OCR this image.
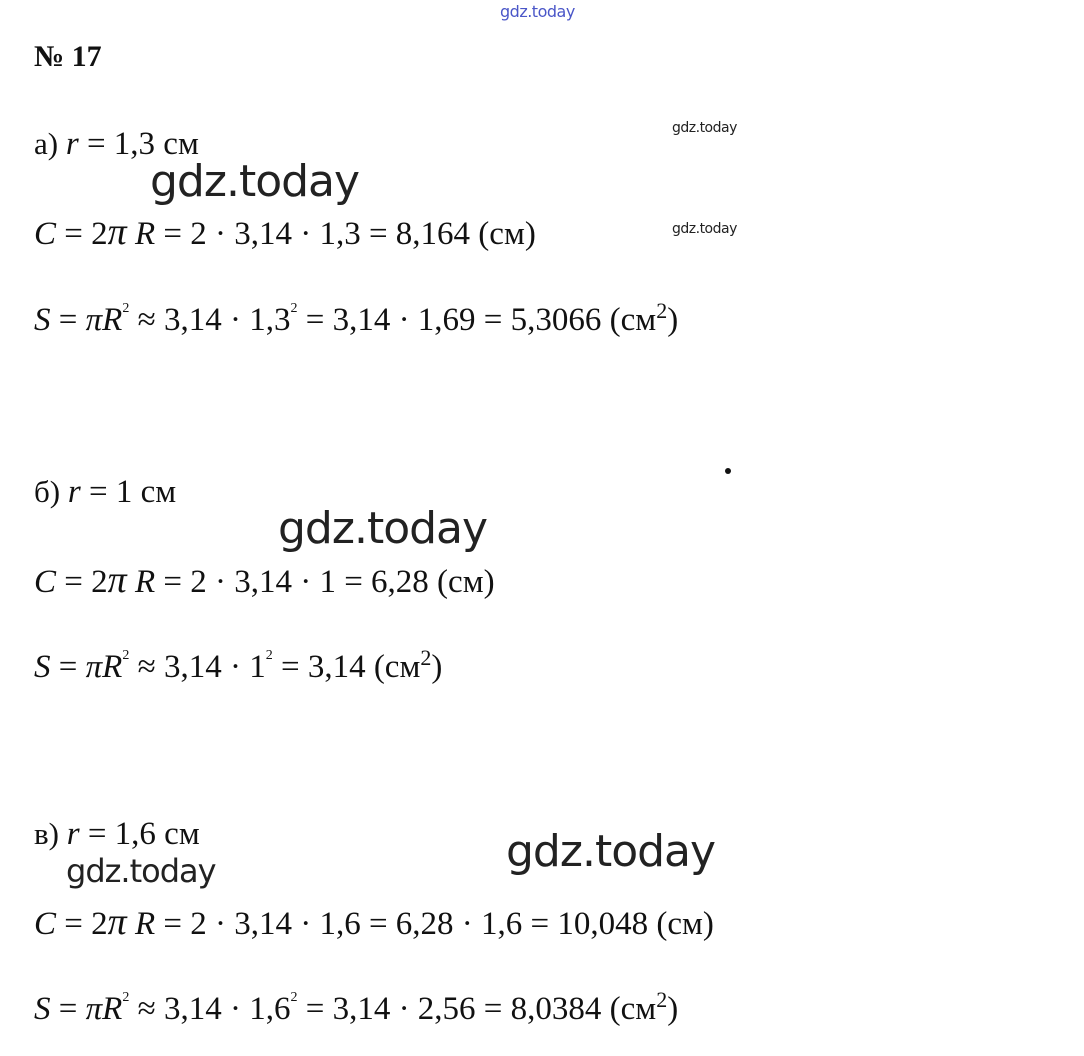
gdz.today
gdz.today
gdz.today
gdz.today
gdz.today
gdz.today	gdz.today
№ 17
а) r = 1,3 см
C = 2π R = 2 · 3,14 · 1,3 = 8,164 (см)
$S = \pi R^2 \approx 3,14 \cdot 1,3^2 = 3,14 \cdot 1,69 = 5,3066$ $(см^2)$
б) r = 1 см
C = 2π R = 2 · 3,14 · 1 = 6,28 (см)
$S = \pi R^2 \approx 3,14 \cdot 1^2 = 3,14$ $(см^2)$
в) r = 1,6 см
C = 2π R = 2 · 3,14 · 1,6 = 6,28 · 1,6 = 10,048 (см)
$S = \pi R^2 \approx 3,14 \cdot 1,6^2 = 3,14 \cdot 2,56 = 8,0384$ $(см^2)$
